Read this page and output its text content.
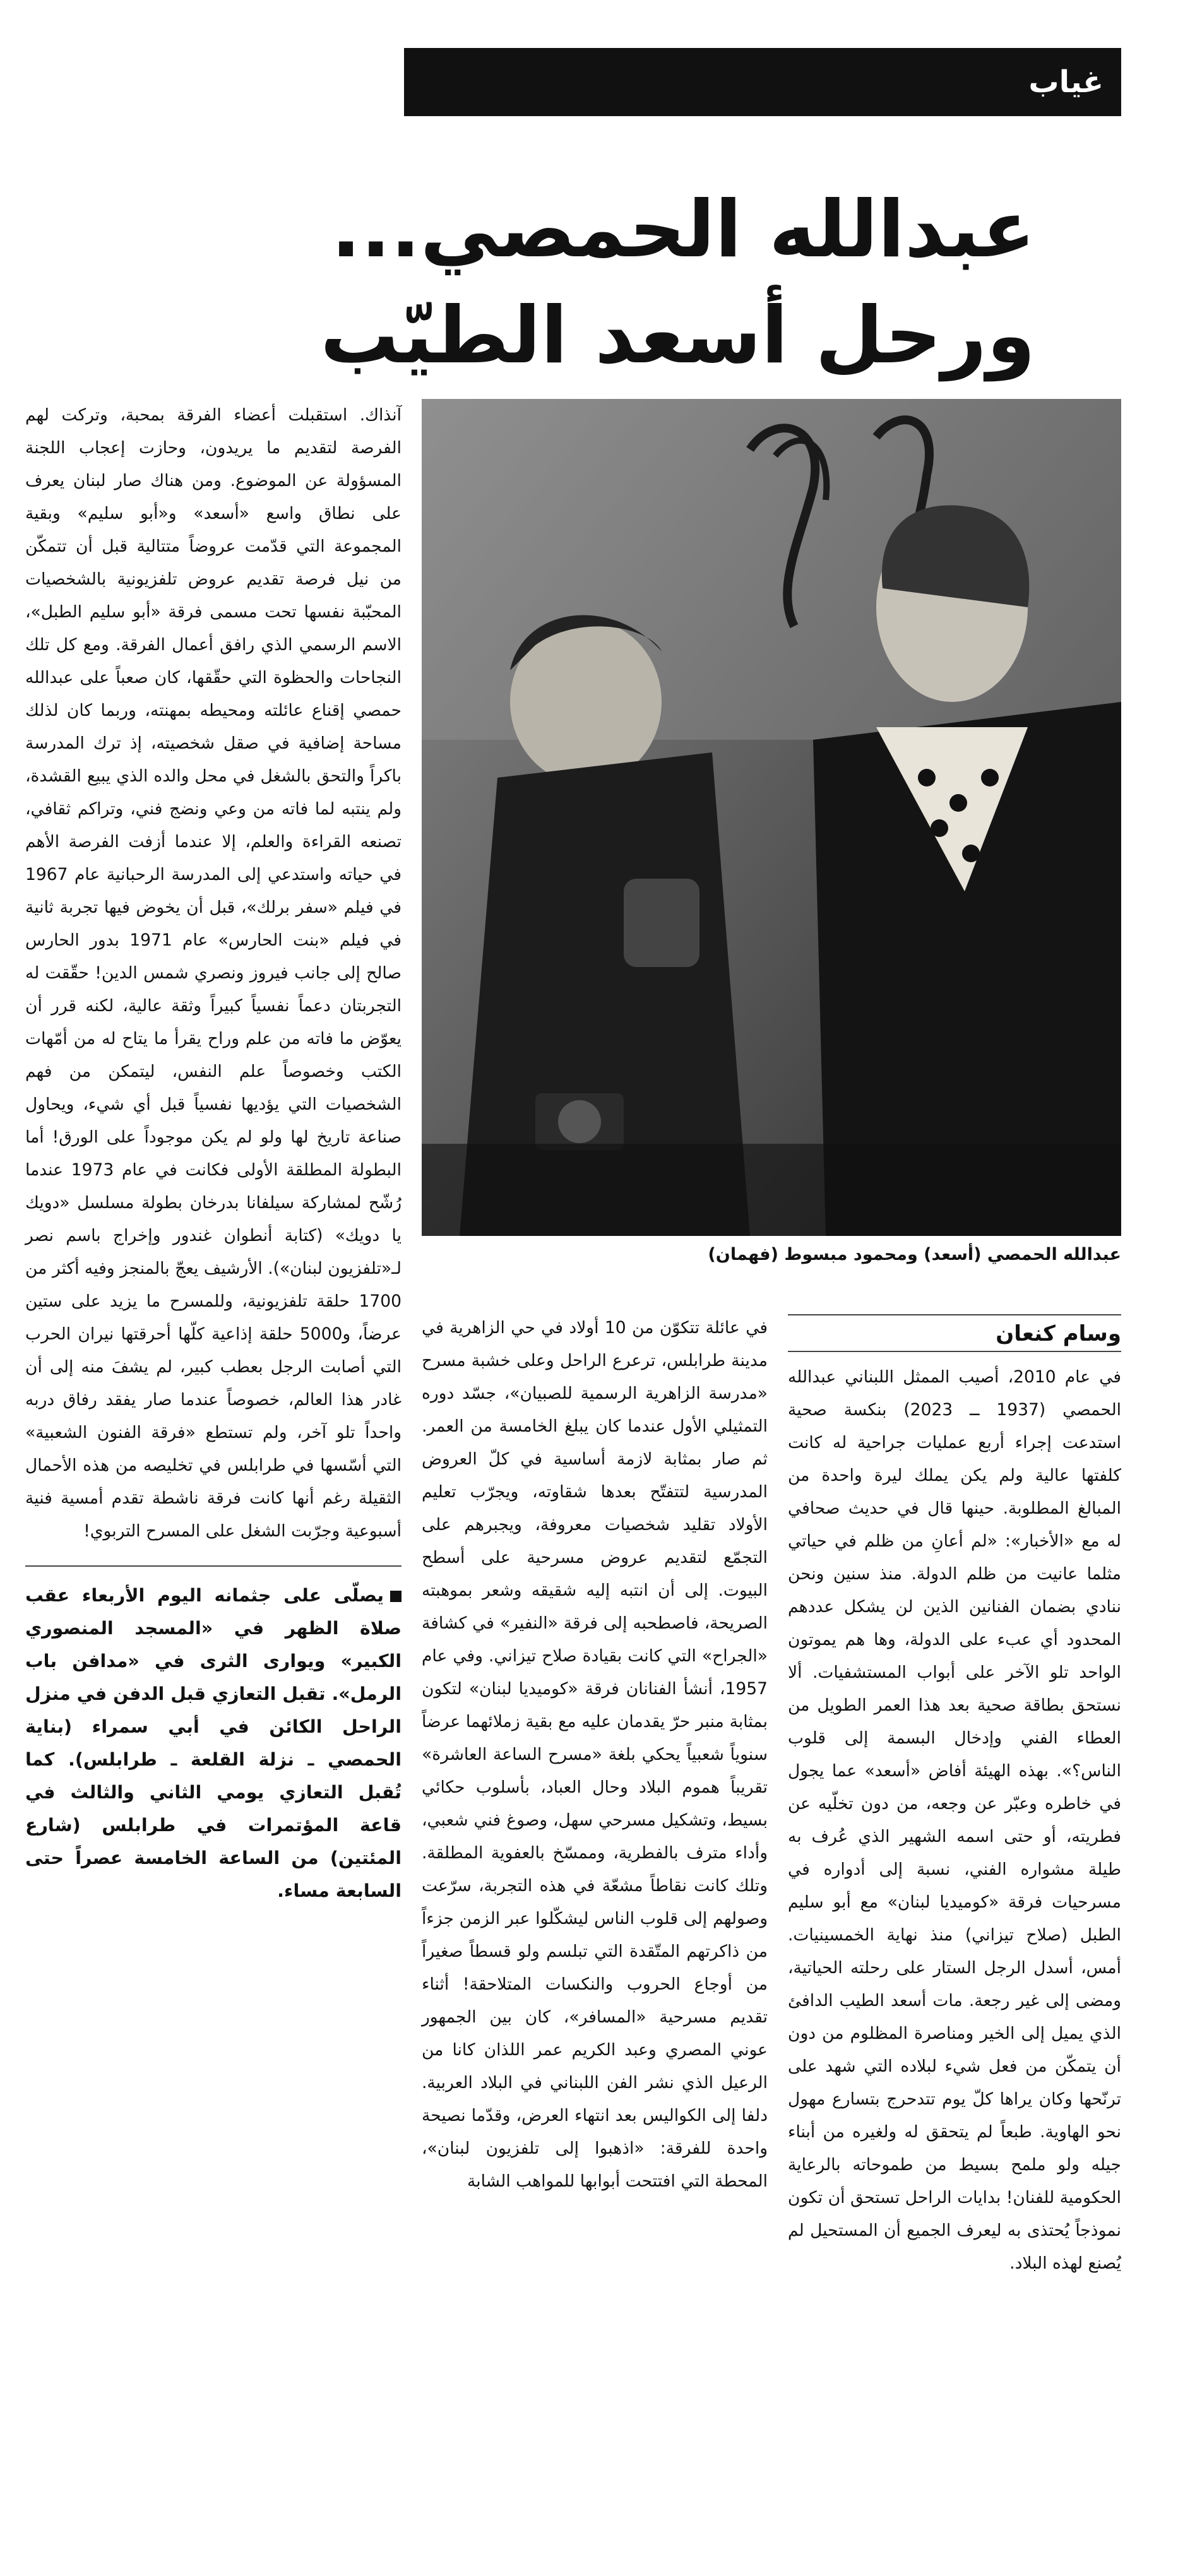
غياب
عبدالله الحمصي...
ورحل أسعد الطيّب
عبدالله الحمصي (أسعد) ومحمود مبسوط (فهمان)
وسام كنعان

في عام 2010، أصيب الممثل اللبناني عبدالله الحمصي (1937 ــ 2023) بنكسة صحية استدعت إجراء أربع عمليات جراحية له كانت كلفتها عالية ولم يكن يملك ليرة واحدة من المبالغ المطلوبة. حينها قال في حديث صحافي له مع «الأخبار»: «لم أعانِ من ظلم في حياتي مثلما عانيت من ظلم الدولة. منذ سنين ونحن ننادي بضمان الفنانين الذين لن يشكل عددهم المحدود أي عبء على الدولة، وها هم يموتون الواحد تلو الآخر على أبواب المستشفيات. ألا نستحق بطاقة صحية بعد هذا العمر الطويل من العطاء الفني وإدخال البسمة إلى قلوب الناس؟». بهذه الهيئة أفاض «أسعد» عما يجول في خاطره وعبّر عن وجعه، من دون تخلّيه عن فطريته، أو حتى اسمه الشهير الذي عُرف به طيلة مشواره الفني، نسبة إلى أدواره في مسرحيات فرقة «كوميديا لبنان» مع أبو سليم الطبل (صلاح تيزاني) منذ نهاية الخمسينيات. أمس، أسدل الرجل الستار على رحلته الحياتية، ومضى إلى غير رجعة. مات أسعد الطيب الدافئ الذي يميل إلى الخير ومناصرة المظلوم من دون أن يتمكّن من فعل شيء لبلاده التي شهد على ترنّحها وكان يراها كلّ يوم تتدحرج بتسارع مهول نحو الهاوية. طبعاً لم يتحقق له ولغيره من أبناء جيله ولو ملمح بسيط من طموحاته بالرعاية الحكومية للفنان! بدايات الراحل تستحق أن تكون نموذجاً يُحتذى به ليعرف الجميع أن المستحيل لم يُصنع لهذه البلاد.

في عائلة تتكوّن من 10 أولاد في حي الزاهرية في مدينة طرابلس، ترعرع الراحل وعلى خشبة مسرح «مدرسة الزاهرية الرسمية للصبيان»، جسّد دوره التمثيلي الأول عندما كان يبلغ الخامسة من العمر. ثم صار بمثابة لازمة أساسية في كلّ العروض المدرسية لتتفتّح بعدها شقاوته، ويجرّب تعليم الأولاد تقليد شخصيات معروفة، ويجبرهم على التجمّع لتقديم عروض مسرحية على أسطح البيوت. إلى أن انتبه إليه شقيقه وشعر بموهبته الصريحة، فاصطحبه إلى فرقة «النفير» في كشافة «الجراح» التي كانت بقيادة صلاح تيزاني. وفي عام 1957، أنشأ الفنانان فرقة «كوميديا لبنان» لتكون بمثابة منبر حرّ يقدمان عليه مع بقية زملائهما عرضاً سنوياً شعبياً يحكي بلغة «مسرح الساعة العاشرة» تقريباً هموم البلاد وحال العباد، بأسلوب حكائي بسيط، وتشكيل مسرحي سهل، وصوغ فني شعبي، وأداء مترف بالفطرية، وممسّخ بالعفوية المطلقة. وتلك كانت نقاطاً مشعّة في هذه التجربة، سرّعت وصولهم إلى قلوب الناس ليشكّلوا عبر الزمن جزءاً من ذاكرتهم المتّقدة التي تبلسم ولو قسطاً صغيراً من أوجاع الحروب والنكسات المتلاحقة! أثناء تقديم مسرحية «المسافر»، كان بين الجمهور عوني المصري وعبد الكريم عمر اللذان كانا من الرعيل الذي نشر الفن اللبناني في البلاد العربية. دلفا إلى الكواليس بعد انتهاء العرض، وقدّما نصيحة واحدة للفرقة: «اذهبوا إلى تلفزيون لبنان»، المحطة التي افتتحت أبوابها للمواهب الشابة

آنذاك. استقبلت أعضاء الفرقة بمحبة، وتركت لهم الفرصة لتقديم ما يريدون، وحازت إعجاب اللجنة المسؤولة عن الموضوع. ومن هناك صار لبنان يعرف على نطاق واسع «أسعد» و«أبو سليم» وبقية المجموعة التي قدّمت عروضاً متتالية قبل أن تتمكّن من نيل فرصة تقديم عروض تلفزيونية بالشخصيات المحبّبة نفسها تحت مسمى فرقة «أبو سليم الطبل»، الاسم الرسمي الذي رافق أعمال الفرقة. ومع كل تلك النجاحات والحظوة التي حقّقها، كان صعباً على عبدالله حمصي إقناع عائلته ومحيطه بمهنته، وربما كان لذلك مساحة إضافية في صقل شخصيته، إذ ترك المدرسة باكراً والتحق بالشغل في محل والده الذي يبيع القشدة، ولم ينتبه لما فاته من وعي ونضج فني، وتراكم ثقافي، تصنعه القراءة والعلم، إلا عندما أزفت الفرصة الأهم في حياته واستدعي إلى المدرسة الرحبانية عام 1967 في فيلم «سفر برلك»، قبل أن يخوض فيها تجربة ثانية في فيلم «بنت الحارس» عام 1971 بدور الحارس صالح إلى جانب فيروز ونصري شمس الدين! حقّقت له التجربتان دعماً نفسياً كبيراً وثقة عالية، لكنه قرر أن يعوّض ما فاته من علم وراح يقرأ ما يتاح له من أمّهات الكتب وخصوصاً علم النفس، ليتمكن من فهم الشخصيات التي يؤديها نفسياً قبل أي شيء، ويحاول صناعة تاريخ لها ولو لم يكن موجوداً على الورق! أما البطولة المطلقة الأولى فكانت في عام 1973 عندما رُشّح لمشاركة سيلفانا بدرخان بطولة مسلسل «دويك يا دويك» (كتابة أنطوان غندور وإخراج باسم نصر لـ«تلفزيون لبنان»). الأرشيف يعجّ بالمنجز وفيه أكثر من 1700 حلقة تلفزيونية، وللمسرح ما يزيد على ستين عرضاً، و5000 حلقة إذاعية كلّها أحرقتها نيران الحرب التي أصابت الرجل بعطب كبير، لم يشفَ منه إلى أن غادر هذا العالم، خصوصاً عندما صار يفقد رفاق دربه واحداً تلو آخر، ولم تستطع «فرقة الفنون الشعبية» التي أسّسها في طرابلس في تخليصه من هذه الأحمال الثقيلة رغم أنها كانت فرقة ناشطة تقدم أمسية فنية أسبوعية وجرّبت الشغل على المسرح التربوي!

يصلّى على جثمانه اليوم الأربعاء عقب صلاة الظهر في «المسجد المنصوري الكبير» ويوارى الثرى في «مدافن باب الرمل». تقبل التعازي قبل الدفن في منزل الراحل الكائن في أبي سمراء (بناية الحمصي ـ نزلة القلعة ـ طرابلس). كما تُقبل التعازي يومي الثاني والثالث في قاعة المؤتمرات في طرابلس (شارع المئتين) من الساعة الخامسة عصراً حتى السابعة مساء.
